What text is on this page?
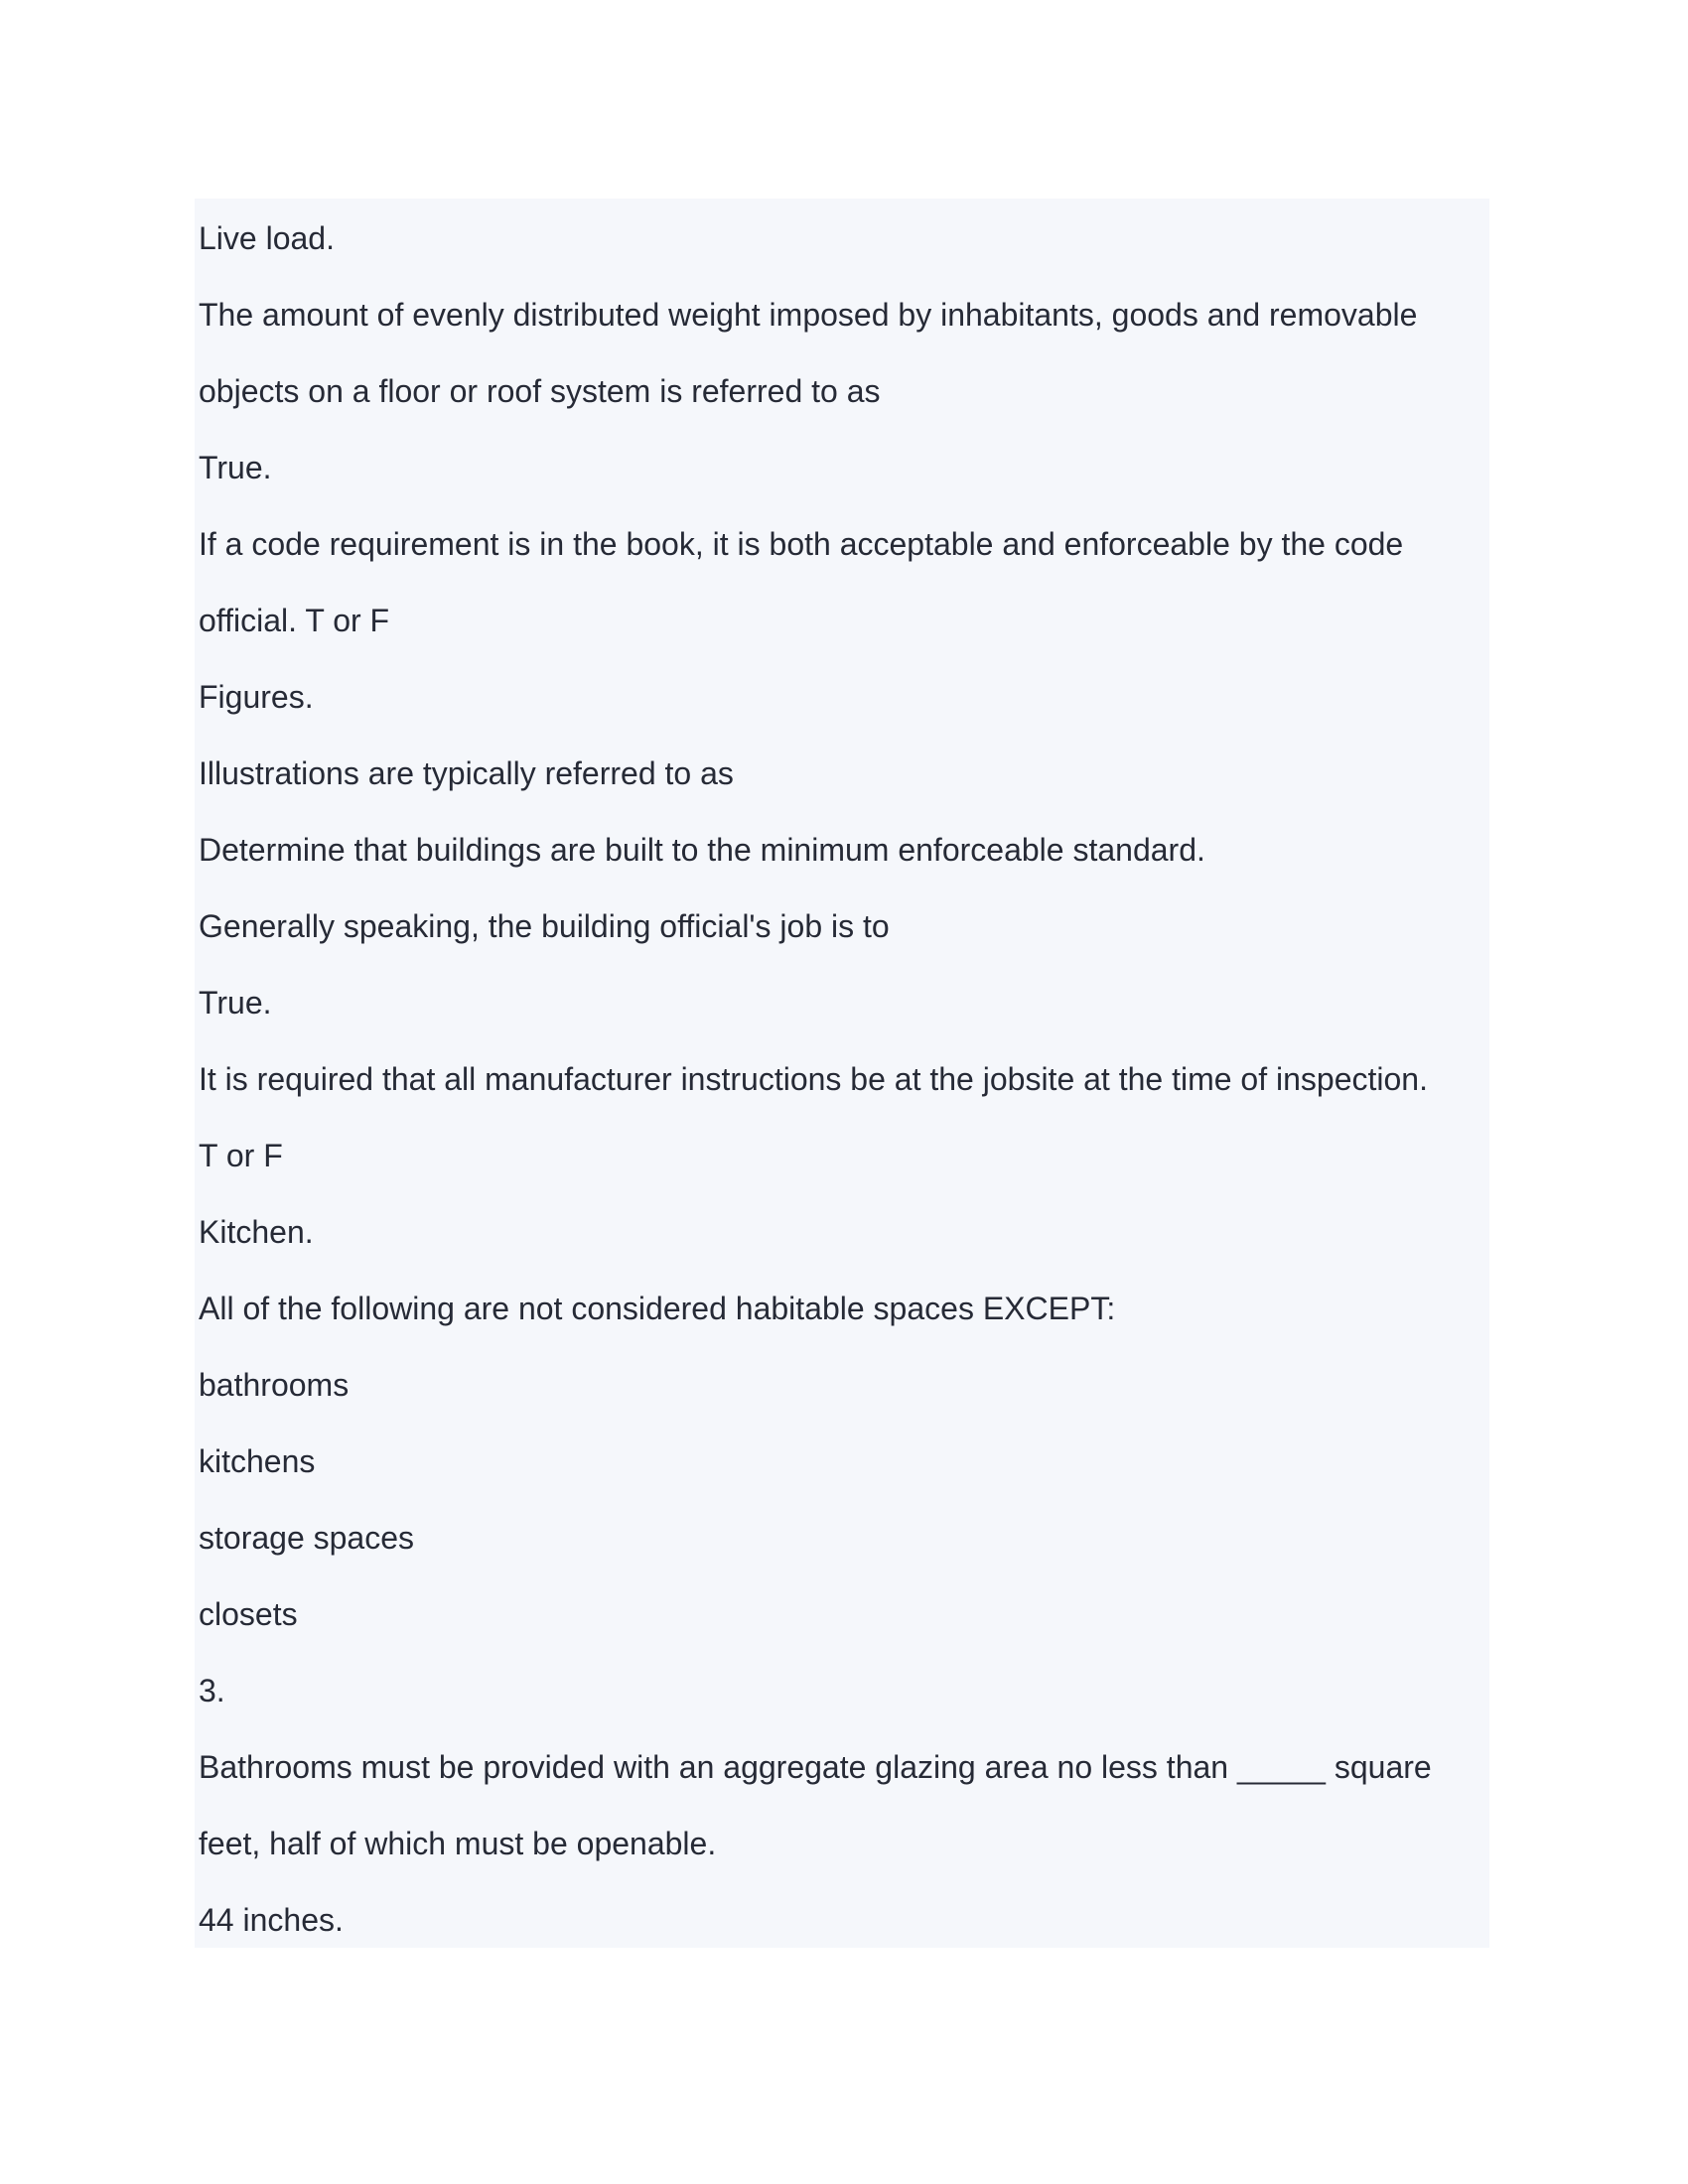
Live load.

The amount of evenly distributed weight imposed by inhabitants, goods and removable

objects on a floor or roof system is referred to as

True.

If a code requirement is in the book, it is both acceptable and enforceable by the code

official. T or F

Figures.

Illustrations are typically referred to as

Determine that buildings are built to the minimum enforceable standard.

Generally speaking, the building official's job is to

True.

It is required that all manufacturer instructions be at the jobsite at the time of inspection.

T or F

Kitchen.

All of the following are not considered habitable spaces EXCEPT:

bathrooms

kitchens

storage spaces

closets

3.

Bathrooms must be provided with an aggregate glazing area no less than _____ square

feet, half of which must be openable.

44 inches.
